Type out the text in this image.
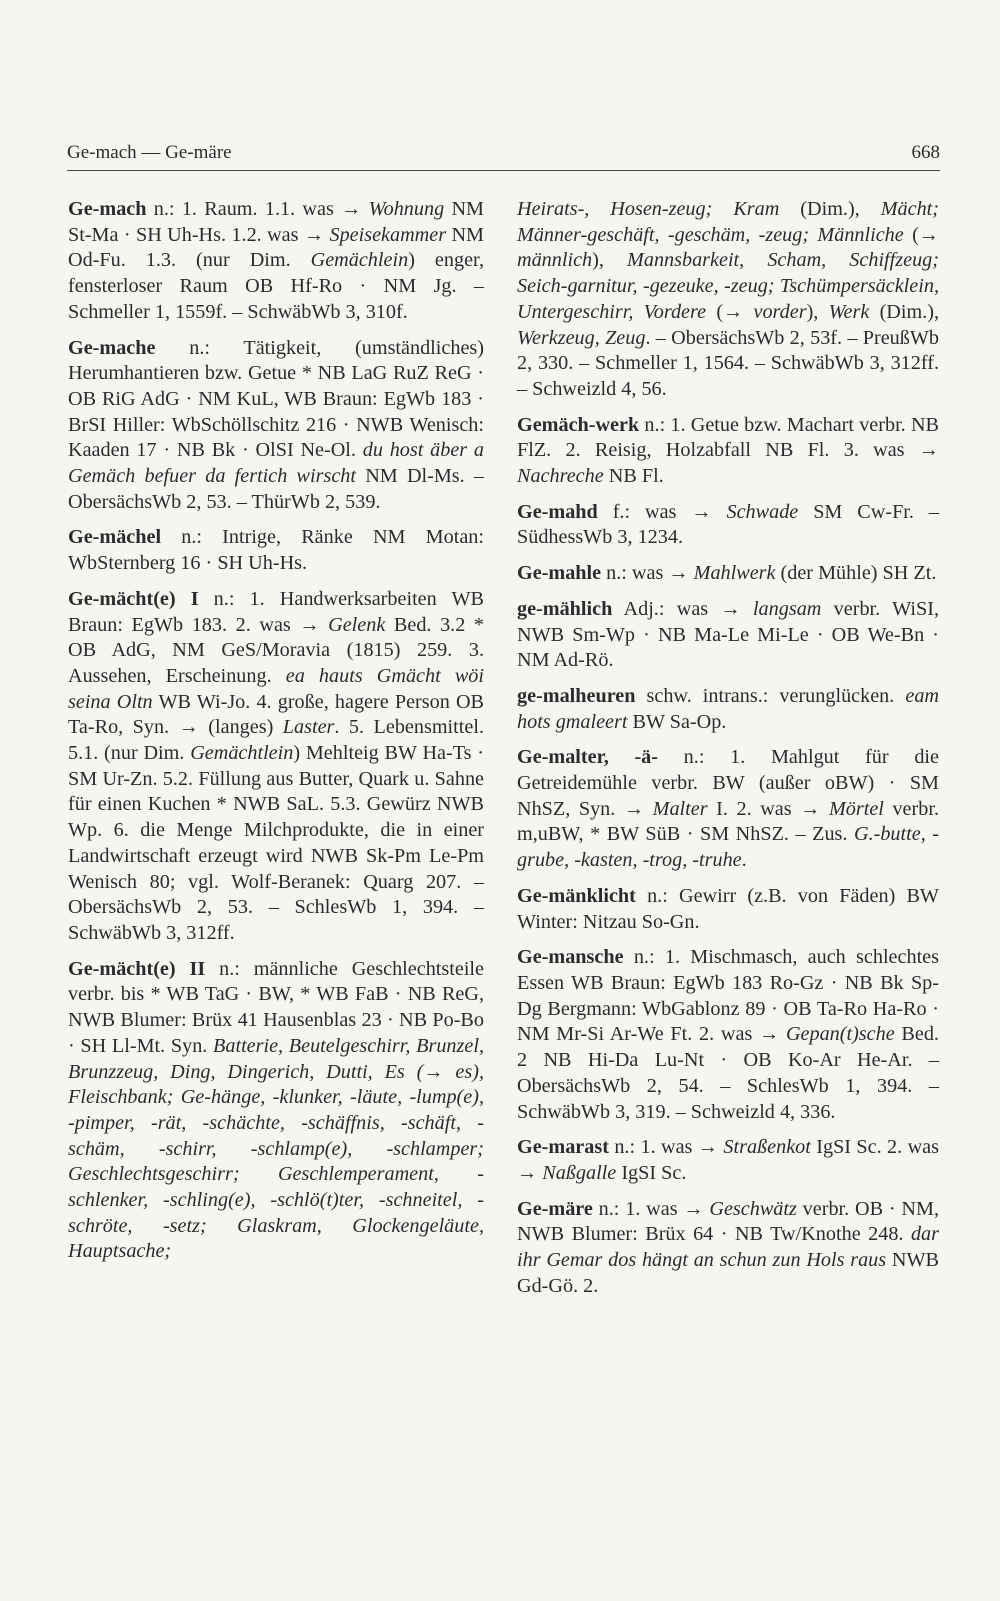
Ge-mach — Ge-märe	668

Ge-mach n.: 1. Raum. 1.1. was → Wohnung NM St-Ma · SH Uh-Hs. 1.2. was → Speisekammer NM Od-Fu. 1.3. (nur Dim. Gemächlein) enger, fensterloser Raum OB Hf-Ro · NM Jg. – Schmeller 1, 1559f. – SchwäbWb 3, 310f.

Ge-mache n.: Tätigkeit, (umständliches) Herumhantieren bzw. Getue * NB LaG RuZ ReG · OB RiG AdG · NM KuL, WB Braun: EgWb 183 · BrSI Hiller: WbSchöllschitz 216 · NWB Wenisch: Kaaden 17 · NB Bk · OlSI Ne-Ol. du host äber a Gemäch befuer da fertich wirscht NM Dl-Ms. – ObersächsWb 2, 53. – ThürWb 2, 539.

Ge-mächel n.: Intrige, Ränke NM Motan: WbSternberg 16 · SH Uh-Hs.

Ge-mächt(e) I n.: 1. Handwerksarbeiten WB Braun: EgWb 183. 2. was → Gelenk Bed. 3.2 * OB AdG, NM GeS/Moravia (1815) 259. 3. Aussehen, Erscheinung. ea hauts Gmächt wöi seina Oltn WB Wi-Jo. 4. große, hagere Person OB Ta-Ro, Syn. → (langes) Laster. 5. Lebensmittel. 5.1. (nur Dim. Gemächtlein) Mehlteig BW Ha-Ts · SM Ur-Zn. 5.2. Füllung aus Butter, Quark u. Sahne für einen Kuchen * NWB SaL. 5.3. Gewürz NWB Wp. 6. die Menge Milchprodukte, die in einer Landwirtschaft erzeugt wird NWB Sk-Pm Le-Pm Wenisch 80; vgl. Wolf-Beranek: Quarg 207. – ObersächsWb 2, 53. – SchlesWb 1, 394. – SchwäbWb 3, 312ff.

Ge-mächt(e) II n.: männliche Geschlechtsteile verbr. bis * WB TaG · BW, * WB FaB · NB ReG, NWB Blumer: Brüx 41 Hausenblas 23 · NB Po-Bo · SH Ll-Mt. Syn. Batterie, Beutelgeschirr, Brunzel, Brunzzeug, Ding, Dingerich, Dutti, Es (→ es), Fleischbank; Ge-hänge, -klunker, -läute, -lump(e), -pimper, -rät, -schächte, -schäffnis, -schäft, -schäm, -schirr, -schlamp(e), -schlamper; Geschlechtsgeschirr; Geschlemperament, -schlenker, -schling(e), -schlö(t)ter, -schneitel, -schröte, -setz; Glaskram, Glockengeläute, Hauptsache;

Heirats-, Hosen-zeug; Kram (Dim.), Mächt; Männer-geschäft, -geschäm, -zeug; Männliche (→ männlich), Mannsbarkeit, Scham, Schiffzeug; Seich-garnitur, -gezeuke, -zeug; Tschümpersäcklein, Untergeschirr, Vordere (→ vorder), Werk (Dim.), Werkzeug, Zeug. – ObersächsWb 2, 53f. – PreußWb 2, 330. – Schmeller 1, 1564. – SchwäbWb 3, 312ff. – Schweizld 4, 56.

Gemäch-werk n.: 1. Getue bzw. Machart verbr. NB FlZ. 2. Reisig, Holzabfall NB Fl. 3. was → Nachreche NB Fl.

Ge-mahd f.: was → Schwade SM Cw-Fr. – SüdhessWb 3, 1234.

Ge-mahle n.: was → Mahlwerk (der Mühle) SH Zt.

ge-mählich Adj.: was → langsam verbr. WiSI, NWB Sm-Wp · NB Ma-Le Mi-Le · OB We-Bn · NM Ad-Rö.

ge-malheuren schw. intrans.: verunglücken. eam hots gmaleert BW Sa-Op.

Ge-malter, -ä- n.: 1. Mahlgut für die Getreidemühle verbr. BW (außer oBW) · SM NhSZ, Syn. → Malter I. 2. was → Mörtel verbr. m,uBW, * BW SüB · SM NhSZ. – Zus. G.-butte, -grube, -kasten, -trog, -truhe.

Ge-mänklicht n.: Gewirr (z.B. von Fäden) BW Winter: Nitzau So-Gn.

Ge-mansche n.: 1. Mischmasch, auch schlechtes Essen WB Braun: EgWb 183 Ro-Gz · NB Bk Sp-Dg Bergmann: WbGablonz 89 · OB Ta-Ro Ha-Ro · NM Mr-Si Ar-We Ft. 2. was → Gepan(t)sche Bed. 2 NB Hi-Da Lu-Nt · OB Ko-Ar He-Ar. – ObersächsWb 2, 54. – SchlesWb 1, 394. – SchwäbWb 3, 319. – Schweizld 4, 336.

Ge-marast n.: 1. was → Straßenkot IgSI Sc. 2. was → Naßgalle IgSI Sc.

Ge-märe n.: 1. was → Geschwätz verbr. OB · NM, NWB Blumer: Brüx 64 · NB Tw/Knothe 248. dar ihr Gemar dos hängt an schun zun Hols raus NWB Gd-Gö. 2.
